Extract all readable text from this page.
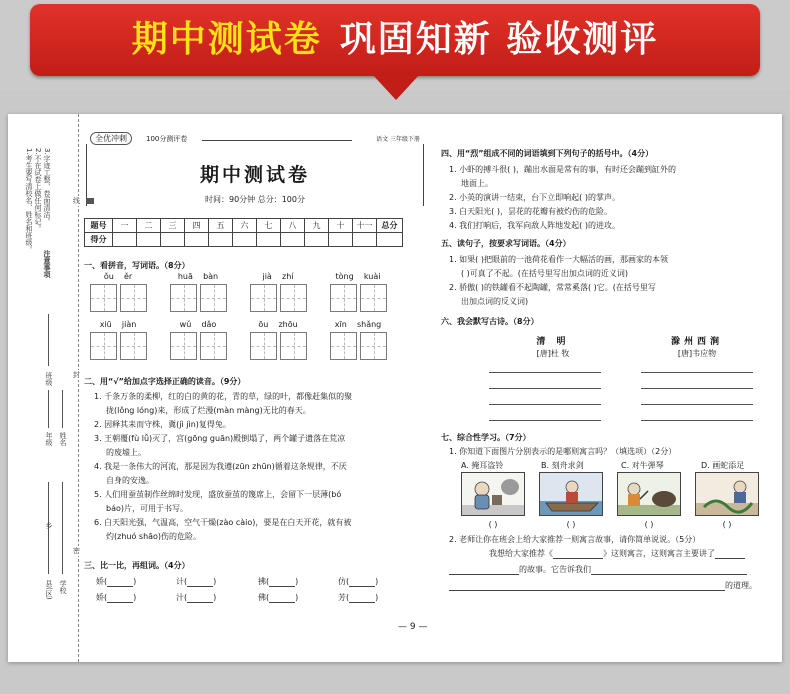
期中测试卷 巩固知新 验收测评
1.考生要写清校名、姓名和班级。 2.不在试卷上做任何标记。 3.字迹工整，卷面清洁。
注意事项
班级
年级 姓名
县(区)
乡
学校
封
线
密
全优冲刺	100分测评卷	语文 三年级下册
期中测试卷
时间：90分钟 总分：100分
题号	一	二	三	四	五	六	七	八	九	十	十一	总分
得分												
一、看拼音，写词语。（8分）
ǒu ěr	huā bàn	jià zhí	tòng kuài
xiū jiàn	wǔ dǎo	ōu zhōu	xīn shǎng
二、用“√”给加点字选择正确的读音。（9分）
1. 千条万条的柔柳，红的白的黄的花，青的草，绿的叶，都像赶集似的聚
拢(lǒng lóng)来，形成了烂漫(màn màng)无比的春天。
2. 因释其耒而守株，冀(jì jìn)复得兔。
3. 王朝覆(fù lǚ)灭了，宫(gōng guān)殿倒塌了，两个罐子遗落在荒凉
的废墟上。
4. 我是一条伟大的河流，那是因为我遵(zūn zhūn)循着这条规律，不厌
自身的安逸。
5. 人们用蚕茧制作丝绵时发现，盛放蚕茧的篾席上，会留下一层薄(bó
báo)片，可用于书写。
6. 白天阳光强，气温高，空气干燥(zào càio)，要是在白天开花，就有被
灼(zhuó shāo)伤的危险。
三、比一比，再组词。（4分）
娇(	)	计(	)	拂(	)	仿(	)
娇(	)	汁(	)	佛(	)	芳(	)
四、用“烈”组成不同的词语填到下列句子的括号中。（4分）
1. 小虾的搏斗很( )，蹦出水面是常有的事，有时还会蹦到缸外的
地面上。
2. 小英的演讲一结束，台下立即响起( )的掌声。
3. 白天阳光( )，昙花的花瓣有被灼伤的危险。
4. 我们打响后，我军向敌人阵地发起( )的进攻。
五、读句子，按要求写词语。（4分）
1. 如果( )把眼前的一池荷花看作一大幅活的画，那画家的本领
( )可真了不起。(在括号里写出加点词的近义词)
2. 骄傲( )的铁罐看不起陶罐，常常奚落( )它。(在括号里写
出加点词的反义词)
六、我会默写古诗。（8分）
清 明
[唐]杜 牧
滁州西涧
[唐]韦应物
七、综合性学习。（7分）
1. 你知道下面图片分别表示的是哪则寓言吗？（填选项）（2分）
A. 掩耳盗铃	B. 刻舟求剑	C. 对牛弹琴	D. 画蛇添足
( )	( )	( )	( )
2. 老师让你在班会上给大家推荐一则寓言故事，请你简单说说。（5分）
我想给大家推荐《	》这则寓言，这则寓言主要讲了
的故事。它告诉我们
的道理。
— 9 —
